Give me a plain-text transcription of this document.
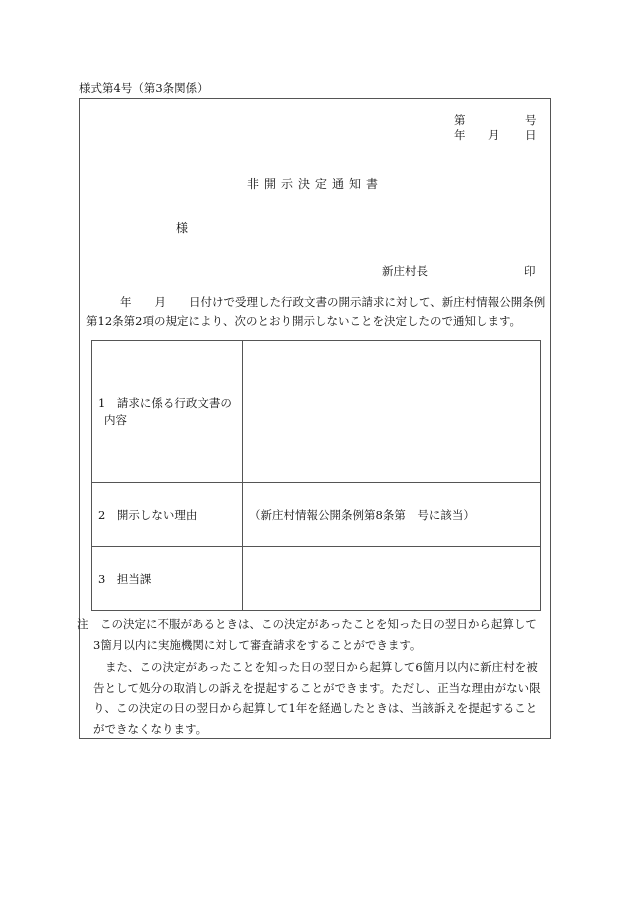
様式第4号（第3条関係）
第	号
年 月 日
非開示決定通知書
様
新庄村長	印

年　　月　　日付けで受理した行政文書の開示請求に対して、新庄村情報公開条例

第12条第2項の規定により、次のとおり開示しないことを決定したので通知します。

1　請求に係る行政文書の
内容	

2　開示しない理由	（新庄村情報公開条例第8条第　号に該当）
3　担当課	

注　この決定に不服があるときは、この決定があったことを知った日の翌日から起算して

3箇月以内に実施機関に対して審査請求をすることができます。

また、この決定があったことを知った日の翌日から起算して6箇月以内に新庄村を被

告として処分の取消しの訴えを提起することができます。ただし、正当な理由がない限

り、この決定の日の翌日から起算して1年を経過したときは、当該訴えを提起すること

ができなくなります。
